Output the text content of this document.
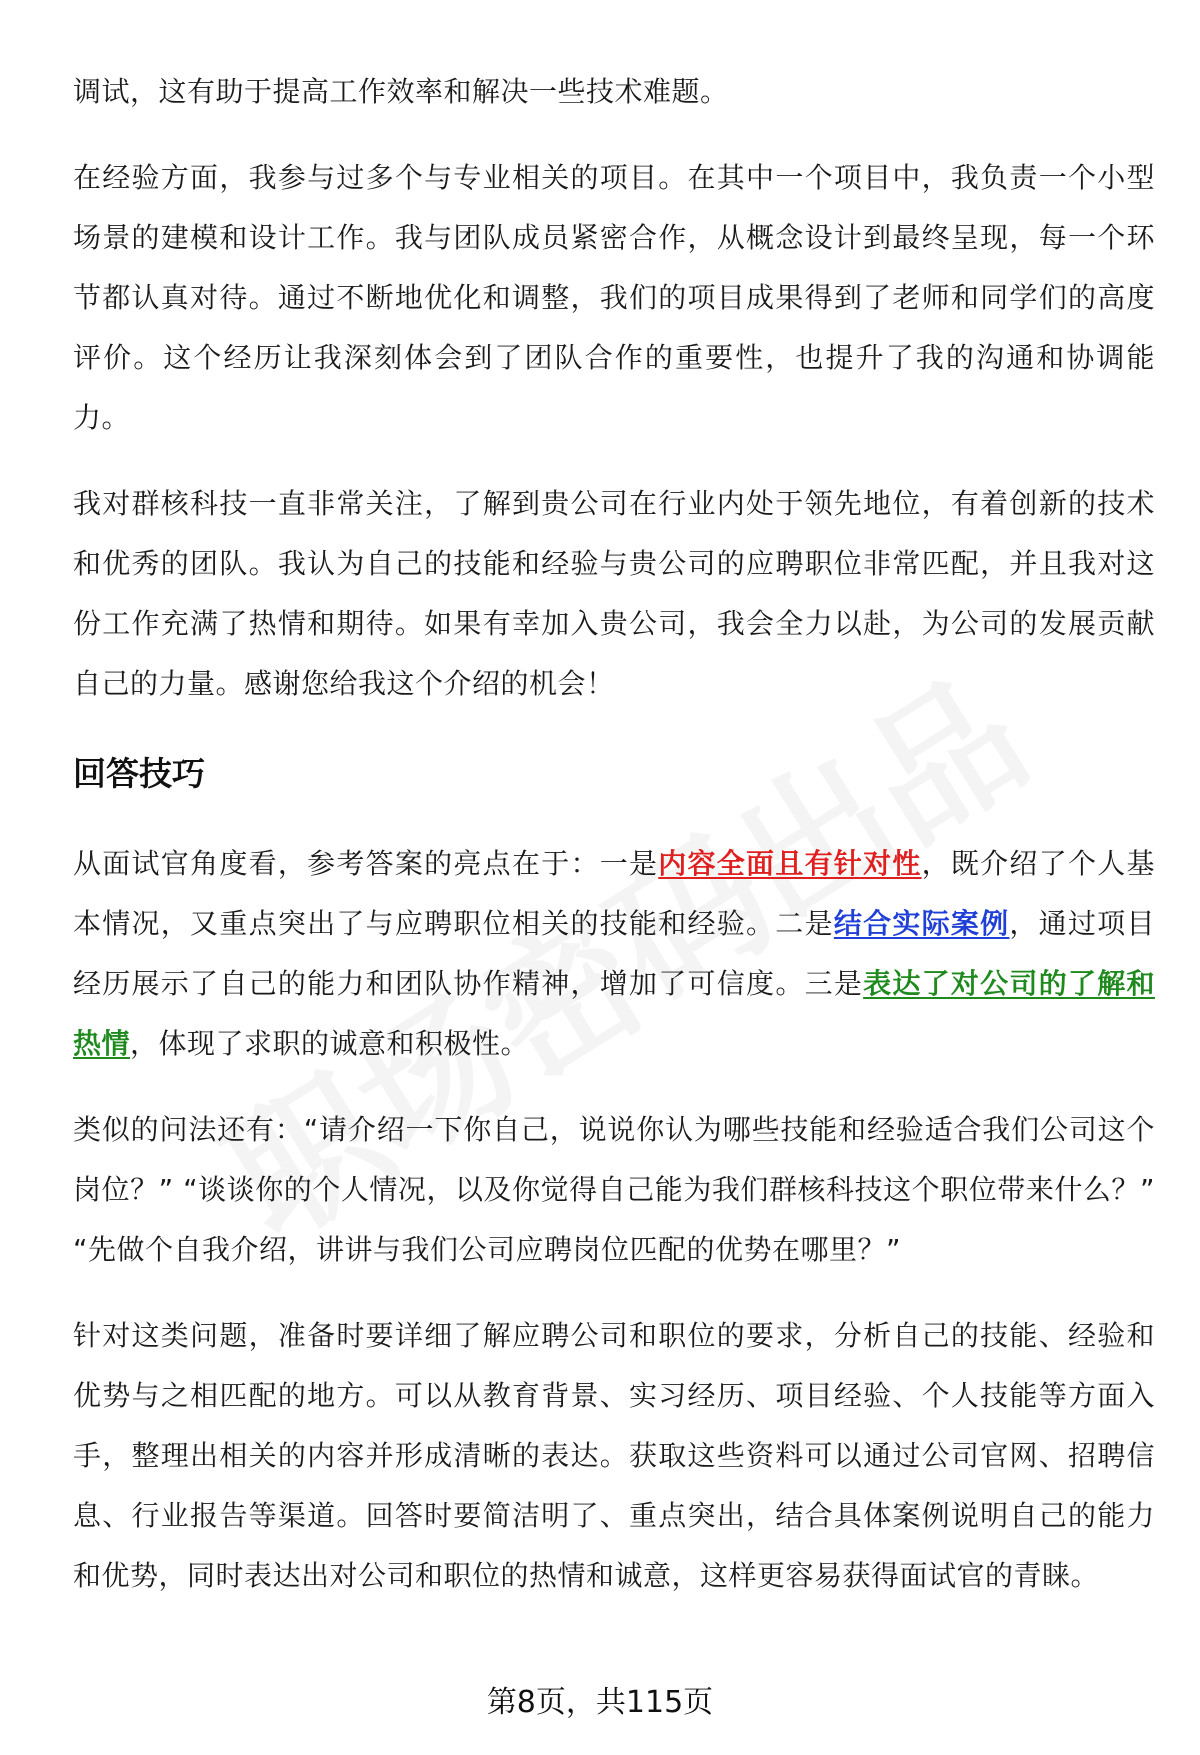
调试，这有助于提高工作效率和解决一些技术难题。

在经验方面，我参与过多个与专业相关的项目。在其中一个项目中，我负责一个小型场景的建模和设计工作。我与团队成员紧密合作，从概念设计到最终呈现，每一个环节都认真对待。通过不断地优化和调整，我们的项目成果得到了老师和同学们的高度评价。这个经历让我深刻体会到了团队合作的重要性，也提升了我的沟通和协调能力。

我对群核科技一直非常关注，了解到贵公司在行业内处于领先地位，有着创新的技术和优秀的团队。我认为自己的技能和经验与贵公司的应聘职位非常匹配，并且我对这份工作充满了热情和期待。如果有幸加入贵公司，我会全力以赴，为公司的发展贡献自己的力量。感谢您给我这个介绍的机会！

回答技巧

从面试官角度看，参考答案的亮点在于：一是内容全面且有针对性，既介绍了个人基本情况，又重点突出了与应聘职位相关的技能和经验。二是结合实际案例，通过项目经历展示了自己的能力和团队协作精神，增加了可信度。三是表达了对公司的了解和热情，体现了求职的诚意和积极性。

类似的问法还有：“请介绍一下你自己，说说你认为哪些技能和经验适合我们公司这个岗位？” “谈谈你的个人情况，以及你觉得自己能为我们群核科技这个职位带来什么？” “先做个自我介绍，讲讲与我们公司应聘岗位匹配的优势在哪里？”

针对这类问题，准备时要详细了解应聘公司和职位的要求，分析自己的技能、经验和优势与之相匹配的地方。可以从教育背景、实习经历、项目经验、个人技能等方面入手，整理出相关的内容并形成清晰的表达。获取这些资料可以通过公司官网、招聘信息、行业报告等渠道。回答时要简洁明了、重点突出，结合具体案例说明自己的能力和优势，同时表达出对公司和职位的热情和诚意，这样更容易获得面试官的青睐。

第8页，共115页
